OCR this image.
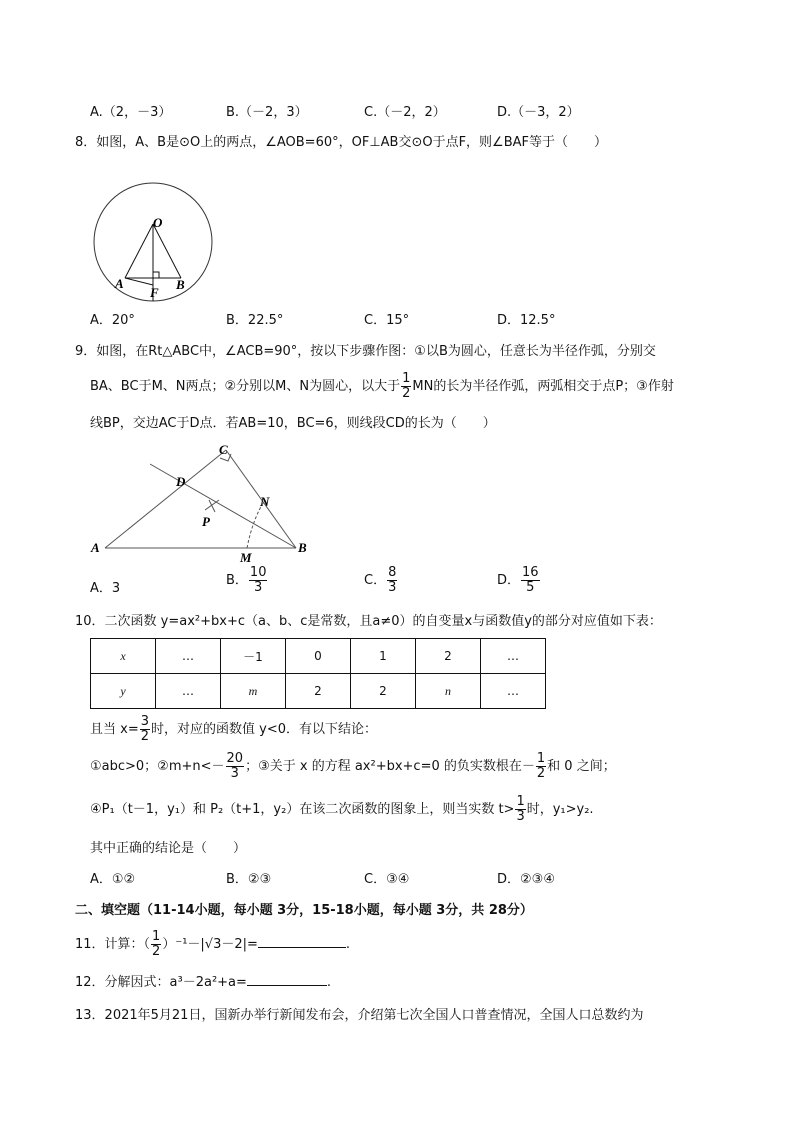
A.（2，－3）	B.（－2，3）	C.（－2，2）	D.（－3，2）
8．如图，A、B是⊙O上的两点，∠AOB=60°，OF⊥AB交⊙O于点F，则∠BAF等于（　　）
O
A
F
B
A．20°	B．22.5°	C．15°	D．12.5°
9．如图，在Rt△ABC中，∠ACB=90°，按以下步骤作图：①以B为圆心，任意长为半径作弧，分别交
BA、BC于M、N两点；②分别以M、N为圆心，以大于 $\frac{1}{2}$ MN的长为半径作弧，两弧相交于点P；③作射
线BP，交边AC于D点．若AB=10，BC=6，则线段CD的长为（　　）
C
D
P
N
A
M
B
A．3
B． $\frac{10}{3}$	C． $\frac{8}{3}$	D． $\frac{16}{5}$
10．二次函数 y=ax²+bx+c（a、b、c是常数，且a≠0）的自变量x与函数值y的部分对应值如下表：
x	…	－1	0	1	2	…
y	…	m	2	2	n	…
且当 $x= \frac{3}{2}$ 时，对应的函数值 y<0．有以下结论：
①abc>0；②m+n<－ $\frac{20}{3}$ ；③关于 x 的方程 ax²+bx+c=0 的负实数根在－ $\frac{1}{2}$ 和 0 之间；
④P₁（t－1，y₁）和 P₂（t+1，y₂）在该二次函数的图象上，则当实数 $t> \frac{1}{3}$ 时，y₁>y₂.
其中正确的结论是（　　）
A．①②	B．②③	C．③④	D．②③④
二、填空题（11-14小题，每小题 3分，15-18小题，每小题 3分，共 28分）
11．计算：（ $\frac{1}{2} )^{-1}-|√3-2|=$	.
12．分解因式：a³－2a²+a=	.
13．2021年5月21日，国新办举行新闻发布会，介绍第七次全国人口普查情况，全国人口总数约为
